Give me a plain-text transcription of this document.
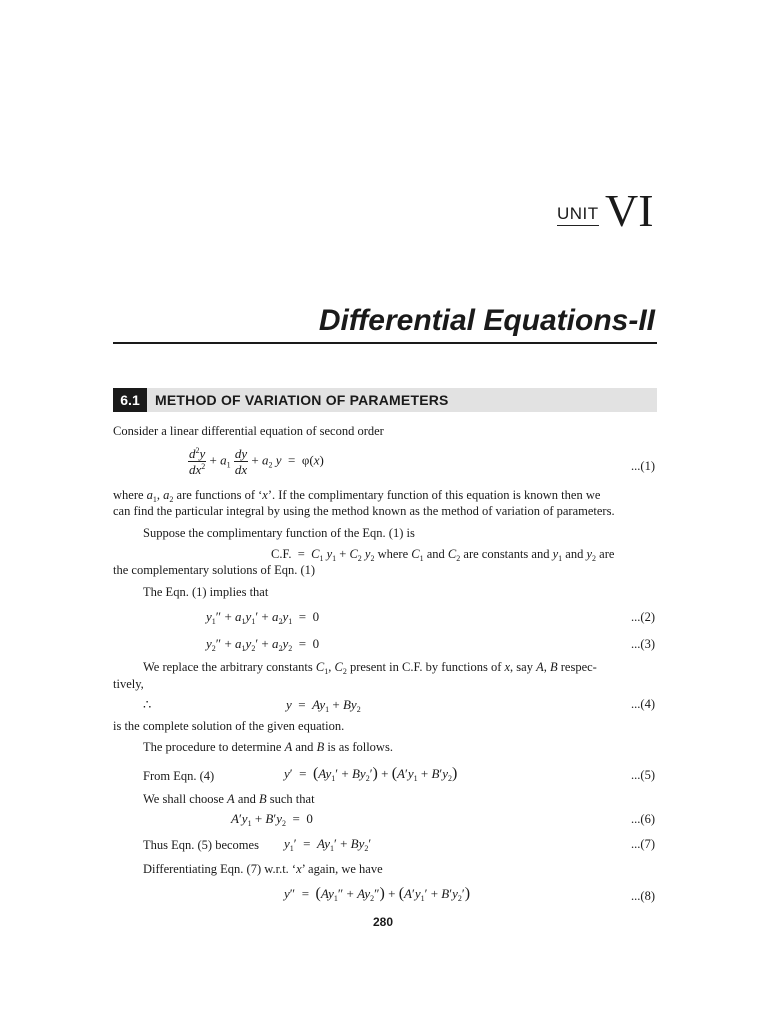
UNIT VI
Differential Equations-II
6.1	METHOD OF VARIATION OF PARAMETERS
Consider a linear differential equation of second order
$\frac{d^2y}{dx^2} + a_1 \frac{dy}{dx} + a_2$ y  =  φ(x)	...(1)
where $a_1$, $a_2$ are functions of ‘x’. If the complimentary function of this equation is known then we
can find the particular integral by using the method known as the method of variation of parameters.
Suppose the complimentary function of the Eqn. (1) is
C.F.  =  $C_1$ $y_1 + C_2$ $y_2$ where $C_1$ and $C_2$ are constants and $y_1$ and $y_2$ are
the complementary solutions of Eqn. (1)
The Eqn. (1) implies that
$y_1'' + a_1y_1' + a_2y_1 = 0$	...(2)
$y_2'' + a_1y_2' + a_2y_2 = 0$	...(3)
We replace the arbitrary constants $C_1$, $C_2$ present in C.F. by functions of x, say A, B respec-
tively,
∴	$y = Ay_1 + By_2$	...(4)
is the complete solution of the given equation.
The procedure to determine A and B is as follows.
From Eqn. (4)	$y' = (Ay_1' + By_2') + (A'y_1 + B'y_2)$	...(5)
We shall choose A and B such that
$A'y_1 + B'y_2 = 0$	...(6)
Thus Eqn. (5) becomes $y_1' = Ay_1' + By_2'$	...(7)
Differentiating Eqn. (7) w.r.t. ‘x’ again, we have
$y'' = (Ay_1'' + Ay_2'') + (A'y_1' + B'y_2')$	...(8)
280
